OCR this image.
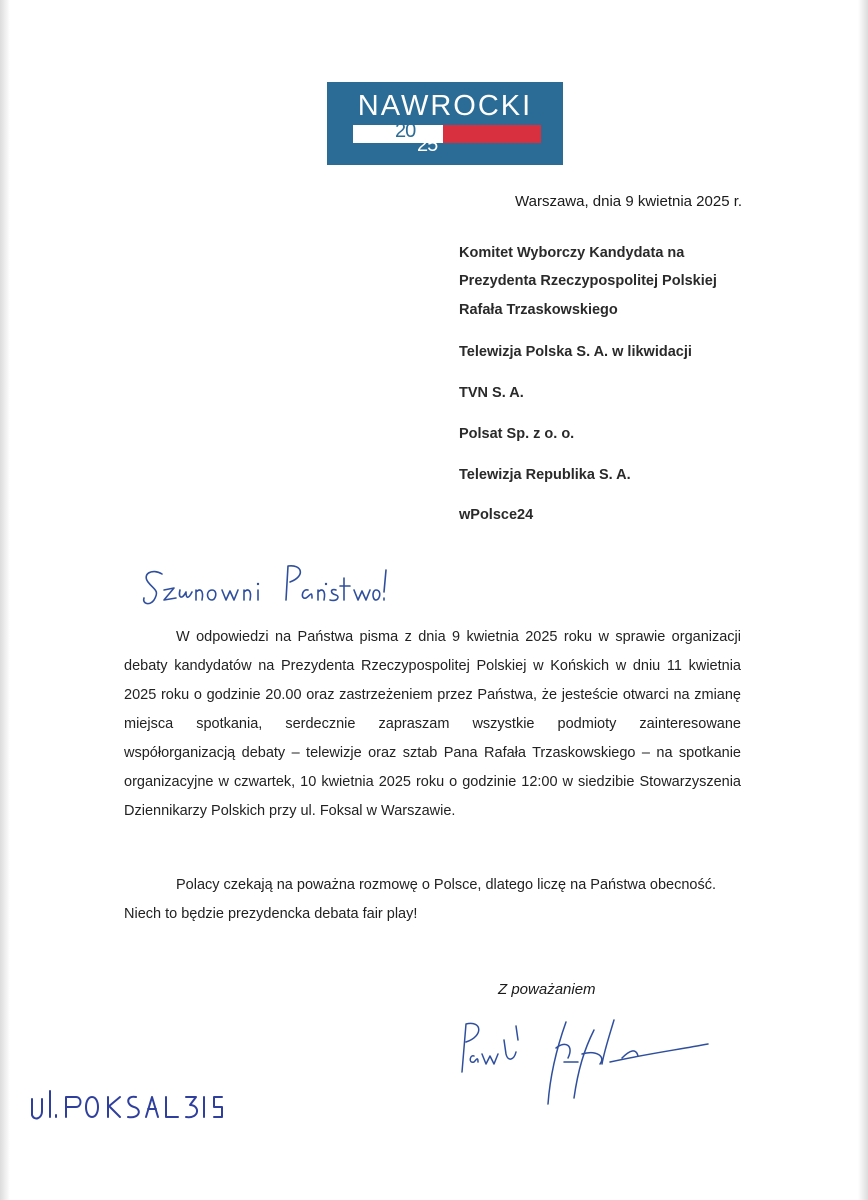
NAWROCKI
20
25
Warszawa, dnia 9 kwietnia 2025 r.
Komitet Wyborczy Kandydata na
Prezydenta Rzeczypospolitej Polskiej
Rafała Trzaskowskiego
Telewizja Polska S. A. w likwidacji
TVN S. A.
Polsat Sp. z o. o.
Telewizja Republika S. A.
wPolsce24
W odpowiedzi na Państwa pisma z dnia 9 kwietnia 2025 roku w sprawie organizacji debaty kandydatów na Prezydenta Rzeczypospolitej Polskiej w Końskich w dniu 11 kwietnia 2025 roku o godzinie 20.00 oraz zastrzeżeniem przez Państwa, że jesteście otwarci na zmianę miejsca spotkania, serdecznie zapraszam wszystkie podmioty zainteresowane współorganizacją debaty – telewizje oraz sztab Pana Rafała Trzaskowskiego – na spotkanie organizacyjne w czwartek, 10 kwietnia 2025 roku o godzinie 12:00 w siedzibie Stowarzyszenia Dziennikarzy Polskich przy ul. Foksal w Warszawie.
Polacy czekają na poważna rozmowę o Polsce, dlatego liczę na Państwa obecność. Niech to będzie prezydencka debata fair play!
Z poważaniem
